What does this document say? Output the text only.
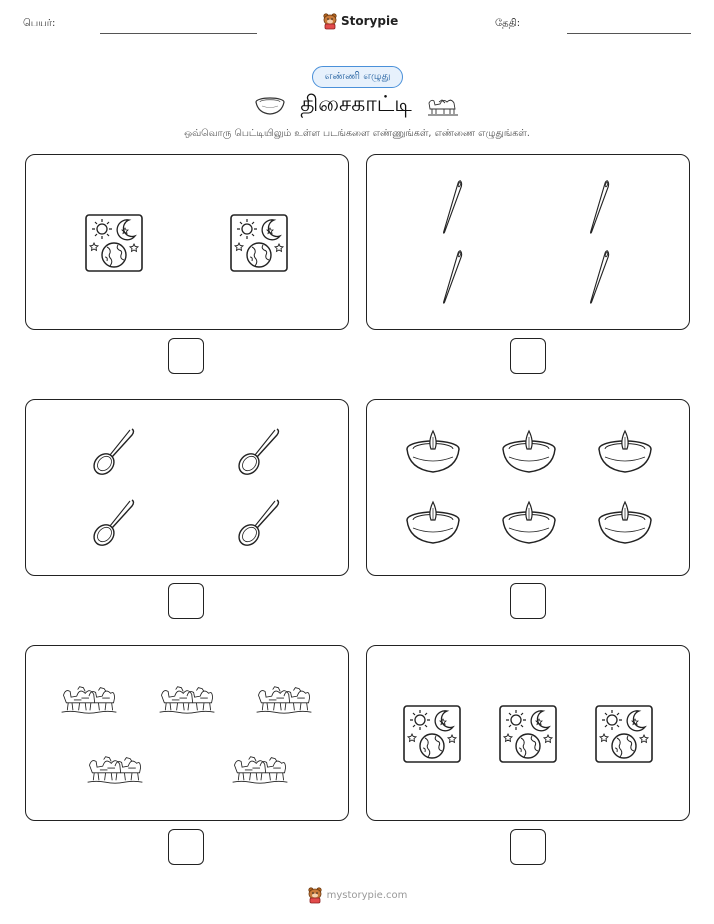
பெயர்:	Storypie	தேதி:
எண்ணி எழுது
திசைகாட்டி
ஒவ்வொரு பெட்டியிலும் உள்ள படங்களை எண்ணுங்கள், எண்ணை எழுதுங்கள்.
mystorypie.com
